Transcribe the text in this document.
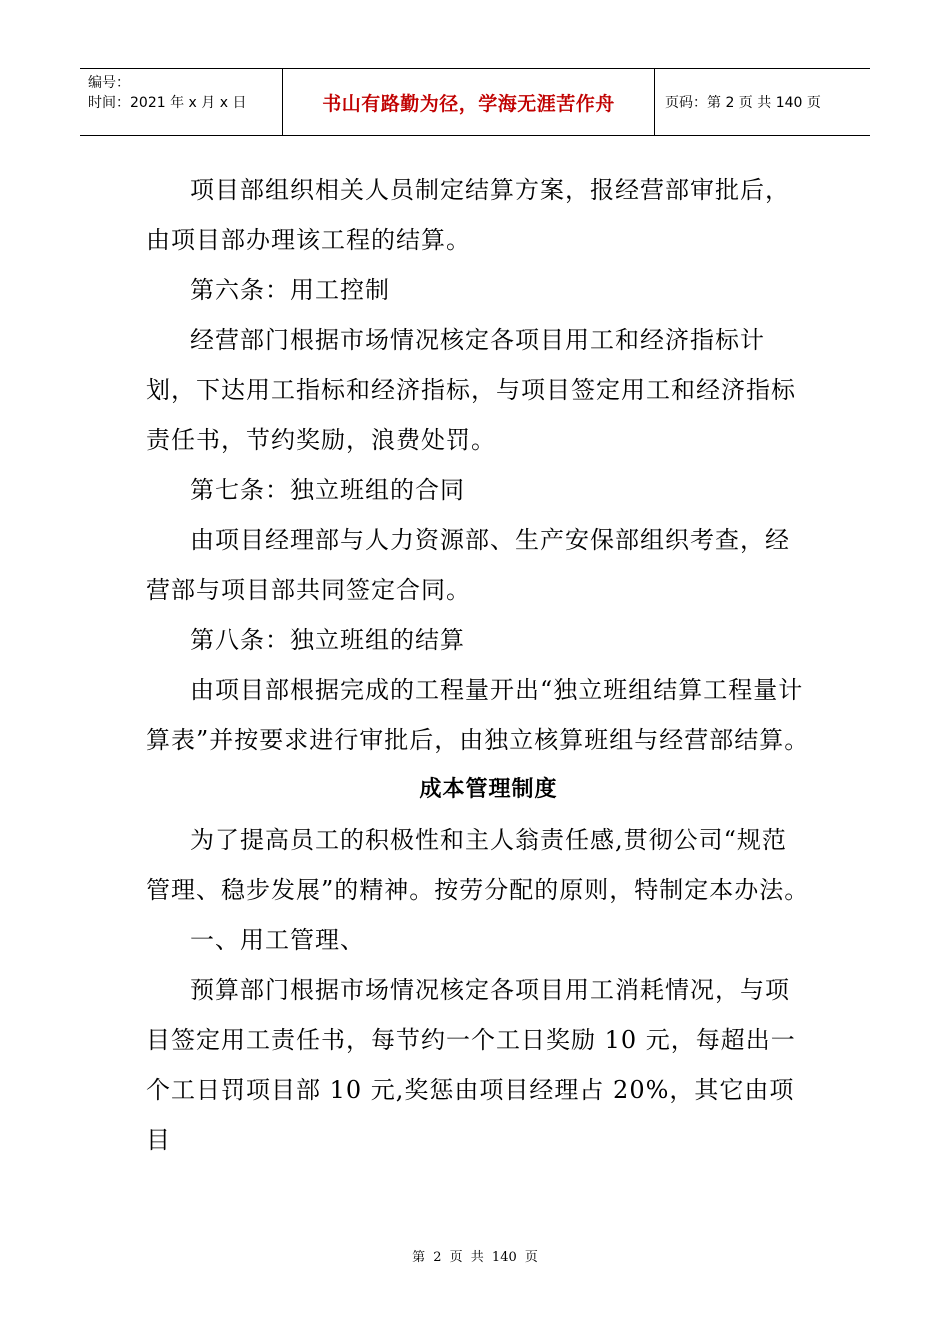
编号：
时间：2021 年 x 月 x 日	书山有路勤为径，学海无涯苦作舟	页码：第 2 页 共 140 页

项目部组织相关人员制定结算方案，报经营部审批后，由项目部办理该工程的结算。

第六条：用工控制

经营部门根据市场情况核定各项目用工和经济指标计划，下达用工指标和经济指标，与项目签定用工和经济指标责任书，节约奖励，浪费处罚。

第七条：独立班组的合同

由项目经理部与人力资源部、生产安保部组织考查，经营部与项目部共同签定合同。

第八条：独立班组的结算

由项目部根据完成的工程量开出“独立班组结算工程量计算表”并按要求进行审批后，由独立核算班组与经营部结算。

成本管理制度

为了提高员工的积极性和主人翁责任感,贯彻公司“规范管理、稳步发展”的精神。按劳分配的原则，特制定本办法。

一、用工管理、

预算部门根据市场情况核定各项目用工消耗情况，与项目签定用工责任书，每节约一个工日奖励 10 元，每超出一个工日罚项目部 10 元,奖惩由项目经理占 20%，其它由项目

第 2 页 共 140 页
